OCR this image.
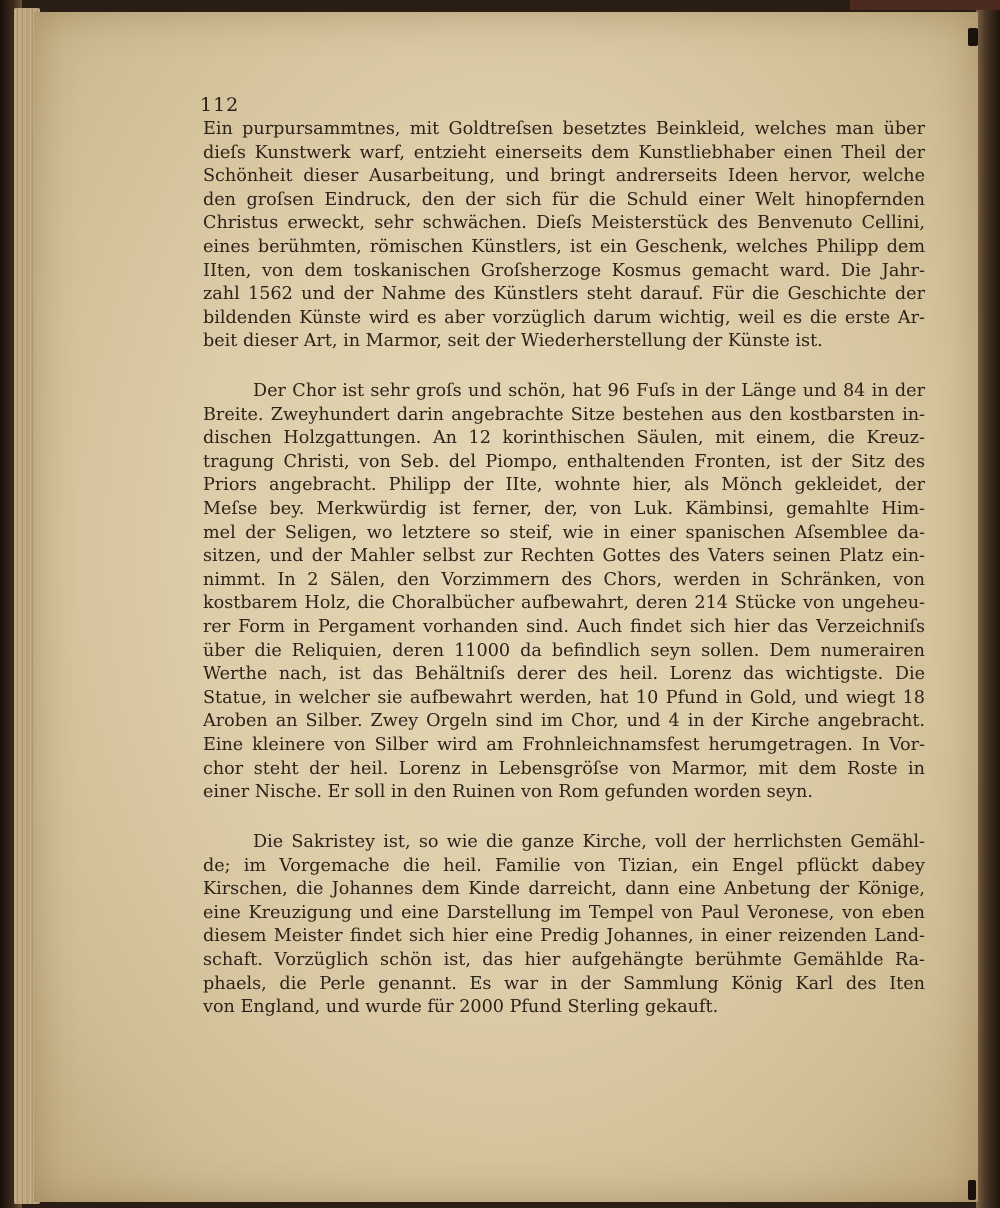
112
Ein purpursammtnes, mit Goldtreſsen besetztes Beinkleid, welches man über
dieſs Kunstwerk warf, entzieht einerseits dem Kunstliebhaber einen Theil der
Schönheit dieser Ausarbeitung, und bringt andrerseits Ideen hervor, welche
den groſsen Eindruck, den der sich für die Schuld einer Welt hinopfernden
Christus erweckt, sehr schwächen. Dieſs Meisterstück des Benvenuto Cellini,
eines berühmten, römischen Künstlers, ist ein Geschenk, welches Philipp dem
IIten, von dem toskanischen Groſsherzoge Kosmus gemacht ward. Die Jahr-
zahl 1562 und der Nahme des Künstlers steht darauf. Für die Geschichte der
bildenden Künste wird es aber vorzüglich darum wichtig, weil es die erste Ar-
beit dieser Art, in Marmor, seit der Wiederherstellung der Künste ist.
Der Chor ist sehr groſs und schön, hat 96 Fuſs in der Länge und 84 in der
Breite. Zweyhundert darin angebrachte Sitze bestehen aus den kostbarsten in-
dischen Holzgattungen. An 12 korinthischen Säulen, mit einem, die Kreuz-
tragung Christi, von Seb. del Piompo, enthaltenden Fronten, ist der Sitz des
Priors angebracht. Philipp der IIte, wohnte hier, als Mönch gekleidet, der
Meſse bey. Merkwürdig ist ferner, der, von Luk. Kämbinsi, gemahlte Him-
mel der Seligen, wo letztere so steif, wie in einer spanischen Aſsemblee da-
sitzen, und der Mahler selbst zur Rechten Gottes des Vaters seinen Platz ein-
nimmt. In 2 Sälen, den Vorzimmern des Chors, werden in Schränken, von
kostbarem Holz, die Choralbücher aufbewahrt, deren 214 Stücke von ungeheu-
rer Form in Pergament vorhanden sind. Auch findet sich hier das Verzeichniſs
über die Reliquien, deren 11000 da befindlich seyn sollen. Dem numerairen
Werthe nach, ist das Behältniſs derer des heil. Lorenz das wichtigste. Die
Statue, in welcher sie aufbewahrt werden, hat 10 Pfund in Gold, und wiegt 18
Aroben an Silber. Zwey Orgeln sind im Chor, und 4 in der Kirche angebracht.
Eine kleinere von Silber wird am Frohnleichnamsfest herumgetragen. In Vor-
chor steht der heil. Lorenz in Lebensgröſse von Marmor, mit dem Roste in
einer Nische. Er soll in den Ruinen von Rom gefunden worden seyn.
Die Sakristey ist, so wie die ganze Kirche, voll der herrlichsten Gemähl-
de; im Vorgemache die heil. Familie von Tizian, ein Engel pflückt dabey
Kirschen, die Johannes dem Kinde darreicht, dann eine Anbetung der Könige,
eine Kreuzigung und eine Darstellung im Tempel von Paul Veronese, von eben
diesem Meister findet sich hier eine Predig Johannes, in einer reizenden Land-
schaft. Vorzüglich schön ist, das hier aufgehängte berühmte Gemählde Ra-
phaels, die Perle genannt. Es war in der Sammlung König Karl des Iten
von England, und wurde für 2000 Pfund Sterling gekauft.
